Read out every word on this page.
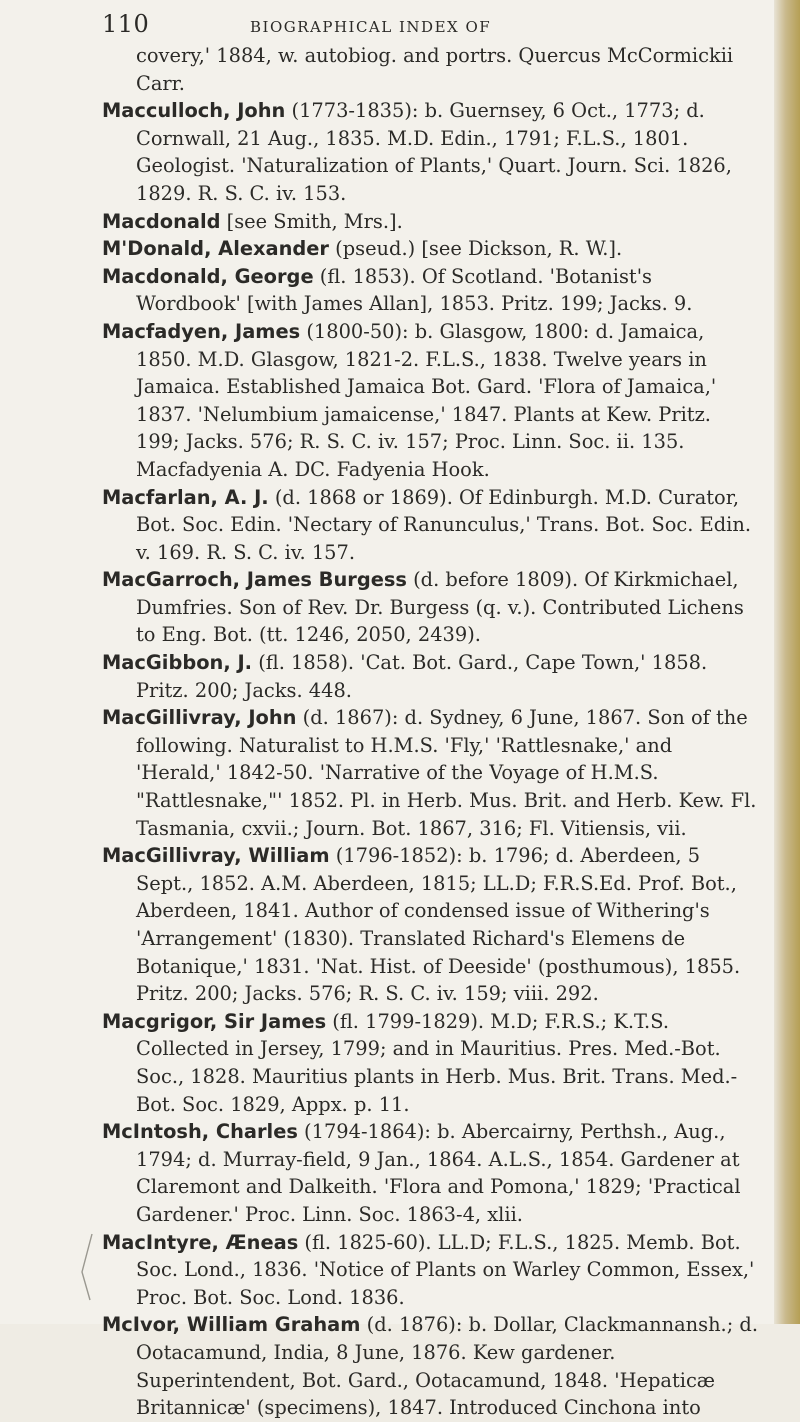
110	BIOGRAPHICAL INDEX OF

covery,' 1884, w. autobiog. and portrs. Quercus McCormickii Carr.

Macculloch, John (1773-1835): b. Guernsey, 6 Oct., 1773; d. Cornwall, 21 Aug., 1835. M.D. Edin., 1791; F.L.S., 1801. Geologist. 'Naturalization of Plants,' Quart. Journ. Sci. 1826, 1829. R. S. C. iv. 153.

Macdonald [see Smith, Mrs.].

M'Donald, Alexander (pseud.) [see Dickson, R. W.].

Macdonald, George (fl. 1853). Of Scotland. 'Botanist's Wordbook' [with James Allan], 1853. Pritz. 199; Jacks. 9.

Macfadyen, James (1800-50): b. Glasgow, 1800: d. Jamaica, 1850. M.D. Glasgow, 1821-2. F.L.S., 1838. Twelve years in Jamaica. Established Jamaica Bot. Gard. 'Flora of Jamaica,' 1837. 'Nelumbium jamaicense,' 1847. Plants at Kew. Pritz. 199; Jacks. 576; R. S. C. iv. 157; Proc. Linn. Soc. ii. 135. Macfadyenia A. DC. Fadyenia Hook.

Macfarlan, A. J. (d. 1868 or 1869). Of Edinburgh. M.D. Curator, Bot. Soc. Edin. 'Nectary of Ranunculus,' Trans. Bot. Soc. Edin. v. 169. R. S. C. iv. 157.

MacGarroch, James Burgess (d. before 1809). Of Kirkmichael, Dumfries. Son of Rev. Dr. Burgess (q. v.). Contributed Lichens to Eng. Bot. (tt. 1246, 2050, 2439).

MacGibbon, J. (fl. 1858). 'Cat. Bot. Gard., Cape Town,' 1858. Pritz. 200; Jacks. 448.

MacGillivray, John (d. 1867): d. Sydney, 6 June, 1867. Son of the following. Naturalist to H.M.S. 'Fly,' 'Rattlesnake,' and 'Herald,' 1842-50. 'Narrative of the Voyage of H.M.S. "Rattlesnake,"' 1852. Pl. in Herb. Mus. Brit. and Herb. Kew. Fl. Tasmania, cxvii.; Journ. Bot. 1867, 316; Fl. Vitiensis, vii.

MacGillivray, William (1796-1852): b. 1796; d. Aberdeen, 5 Sept., 1852. A.M. Aberdeen, 1815; LL.D; F.R.S.Ed. Prof. Bot., Aberdeen, 1841. Author of condensed issue of Withering's 'Arrangement' (1830). Translated Richard's Elemens de Botanique,' 1831. 'Nat. Hist. of Deeside' (posthumous), 1855. Pritz. 200; Jacks. 576; R. S. C. iv. 159; viii. 292.

Macgrigor, Sir James (fl. 1799-1829). M.D; F.R.S.; K.T.S. Collected in Jersey, 1799; and in Mauritius. Pres. Med.-Bot. Soc., 1828. Mauritius plants in Herb. Mus. Brit. Trans. Med.-Bot. Soc. 1829, Appx. p. 11.

McIntosh, Charles (1794-1864): b. Abercairny, Perthsh., Aug., 1794; d. Murray-field, 9 Jan., 1864. A.L.S., 1854. Gardener at Claremont and Dalkeith. 'Flora and Pomona,' 1829; 'Practical Gardener.' Proc. Linn. Soc. 1863-4, xlii.

MacIntyre, Æneas (fl. 1825-60). LL.D; F.L.S., 1825. Memb. Bot. Soc. Lond., 1836. 'Notice of Plants on Warley Common, Essex,' Proc. Bot. Soc. Lond. 1836.

McIvor, William Graham (d. 1876): b. Dollar, Clackmannansh.; d. Ootacamund, India, 8 June, 1876. Kew gardener. Superintendent, Bot. Gard., Ootacamund, 1848. 'Hepaticæ Britannicæ' (specimens), 1847. Introduced Cinchona into
